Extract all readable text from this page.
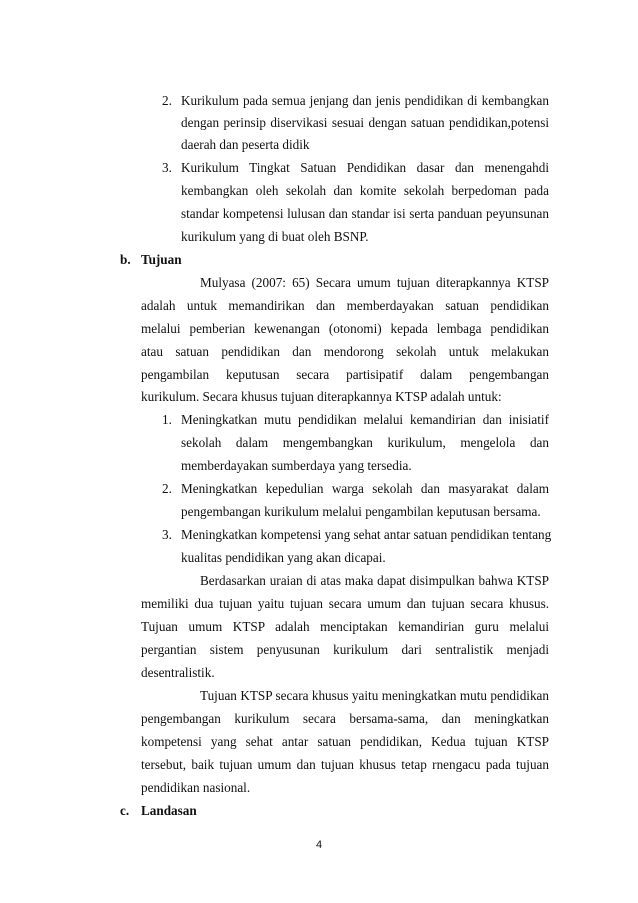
2. Kurikulum pada semua jenjang dan jenis pendidikan di kembangkan
dengan perinsip diservikasi sesuai dengan satuan pendidikan,potensi
daerah dan peserta didik
3. Kurikulum Tingkat Satuan Pendidikan dasar dan menengahdi
kembangkan oleh sekolah dan komite sekolah berpedoman pada
standar kompetensi lulusan dan standar isi serta panduan peyunsunan
kurikulum yang di buat oleh BSNP.
b. Tujuan
Mulyasa (2007: 65) Secara umum tujuan diterapkannya KTSP
adalah untuk memandirikan dan memberdayakan satuan pendidikan
melalui pemberian kewenangan (otonomi) kepada lembaga pendidikan
atau satuan pendidikan dan mendorong sekolah untuk melakukan
pengambilan keputusan secara partisipatif dalam pengembangan
kurikulum. Secara khusus tujuan diterapkannya KTSP adalah untuk:
1. Meningkatkan mutu pendidikan melalui kemandirian dan inisiatif
sekolah dalam mengembangkan kurikulum, mengelola dan
memberdayakan sumberdaya yang tersedia.
2. Meningkatkan kepedulian warga sekolah dan masyarakat dalam
pengembangan kurikulum melalui pengambilan keputusan bersama.
3. Meningkatkan kompetensi yang sehat antar satuan pendidikan tentang
kualitas pendidikan yang akan dicapai.
Berdasarkan uraian di atas maka dapat disimpulkan bahwa KTSP
memiliki dua tujuan yaitu tujuan secara umum dan tujuan secara khusus.
Tujuan umum KTSP adalah menciptakan kemandirian guru melalui
pergantian sistem penyusunan kurikulum dari sentralistik menjadi
desentralistik.
Tujuan KTSP secara khusus yaitu meningkatkan mutu pendidikan
pengembangan kurikulum secara bersama-sama, dan meningkatkan
kompetensi yang sehat antar satuan pendidikan, Kedua tujuan KTSP
tersebut, baik tujuan umum dan tujuan khusus tetap rnengacu pada tujuan
pendidikan nasional.
c. Landasan
4
